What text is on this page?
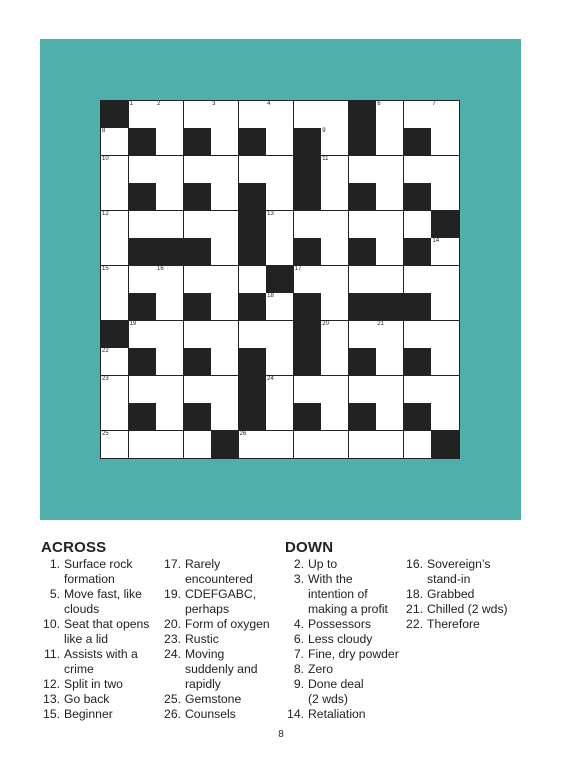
1	2	3	4	5	6	7
8	9
10	11
12	13
14
15	16	17
18
19	20	21
22
23	24
25	26
ACROSS	DOWN
1. Surface rock
formation
5. Move fast, like
clouds
10. Seat that opens
like a lid
11. Assists with a
crime
12. Split in two
13. Go back
15. Beginner
17. Rarely
encountered
19. CDEFGABC,
perhaps
20. Form of oxygen
23. Rustic
24. Moving
suddenly and
rapidly
25. Gemstone
26. Counsels
2. Up to
3. With the
intention of
making a profit
4. Possessors
6. Less cloudy
7. Fine, dry powder
8. Zero
9. Done deal
(2 wds)
14. Retaliation
16. Sovereign’s
stand-in
18. Grabbed
21. Chilled (2 wds)
22. Therefore
8
